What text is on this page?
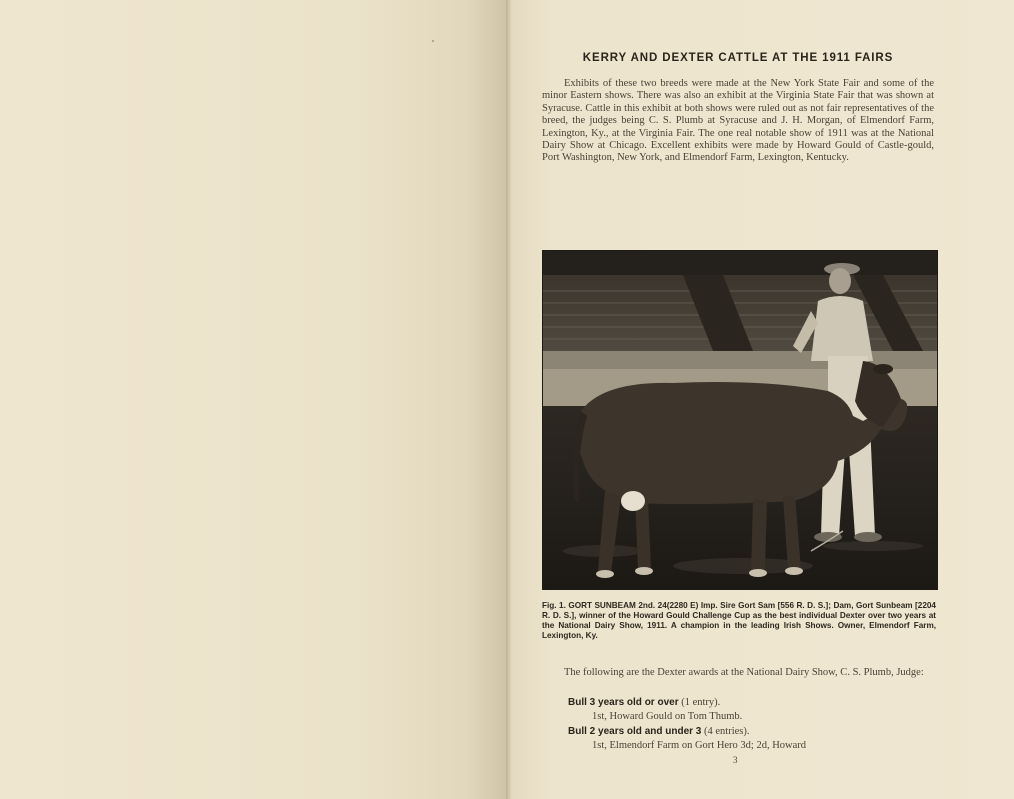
KERRY AND DEXTER CATTLE AT THE 1911 FAIRS

Exhibits of these two breeds were made at the New York State Fair and some of the minor Eastern shows. There was also an exhibit at the Virginia State Fair that was shown at Syracuse. Cattle in this exhibit at both shows were ruled out as not fair representatives of the breed, the judges being C. S. Plumb at Syracuse and J. H. Morgan, of Elmendorf Farm, Lexington, Ky., at the Virginia Fair. The one real notable show of 1911 was at the National Dairy Show at Chicago. Excellent exhibits were made by Howard Gould of Castle-gould, Port Washington, New York, and Elmendorf Farm, Lexington, Kentucky.

Fig. 1. GORT SUNBEAM 2nd. 24(2280 E) Imp. Sire Gort Sam [556 R. D. S.]; Dam, Gort Sunbeam [2204 R. D. S.], winner of the Howard Gould Challenge Cup as the best individual Dexter over two years at the National Dairy Show, 1911. A champion in the leading Irish Shows. Owner, Elmendorf Farm, Lexington, Ky.

The following are the Dexter awards at the National Dairy Show, C. S. Plumb, Judge:

Bull 3 years old or over (1 entry).

1st, Howard Gould on Tom Thumb.

Bull 2 years old and under 3 (4 entries).

1st, Elmendorf Farm on Gort Hero 3d; 2d, Howard

3
